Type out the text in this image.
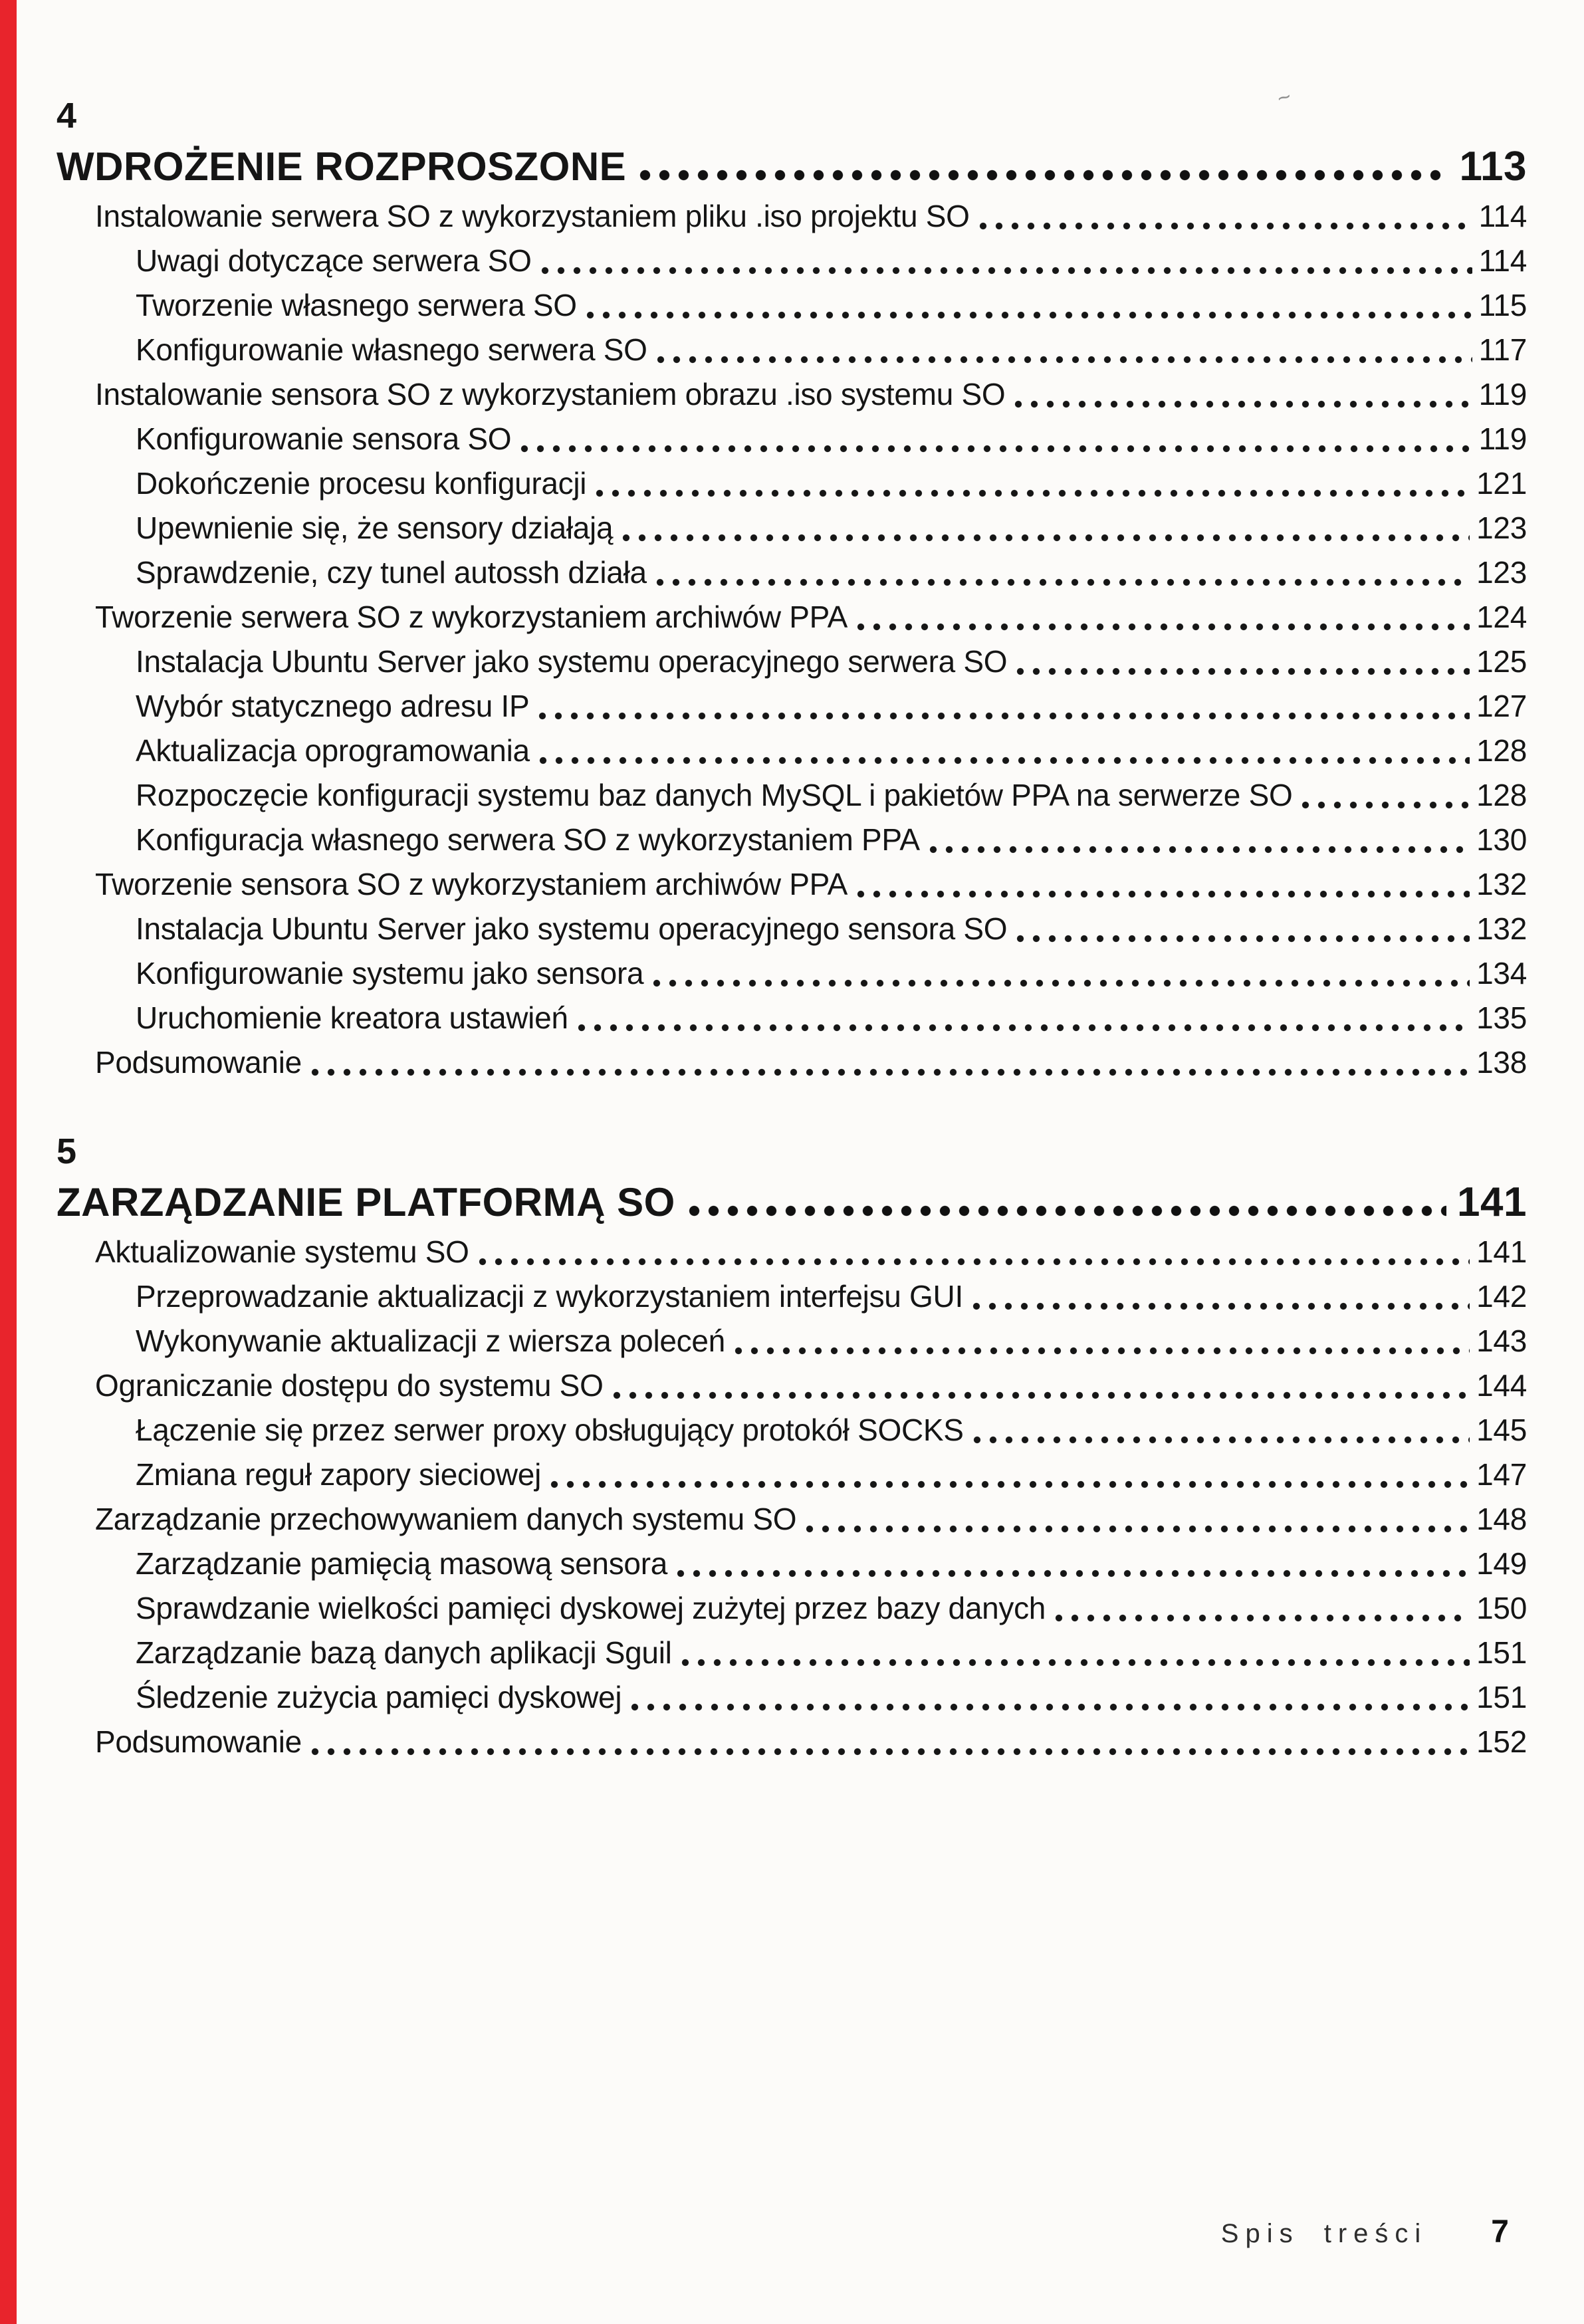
~
4
WDROŻENIE ROZPROSZONE	113
Instalowanie serwera SO z wykorzystaniem pliku .iso projektu SO	114
Uwagi dotyczące serwera SO	114
Tworzenie własnego serwera SO	115
Konfigurowanie własnego serwera SO	117
Instalowanie sensora SO z wykorzystaniem obrazu .iso systemu SO	119
Konfigurowanie sensora SO	119
Dokończenie procesu konfiguracji	121
Upewnienie się, że sensory działają	123
Sprawdzenie, czy tunel autossh działa	123
Tworzenie serwera SO z wykorzystaniem archiwów PPA	124
Instalacja Ubuntu Server jako systemu operacyjnego serwera SO	125
Wybór statycznego adresu IP	127
Aktualizacja oprogramowania	128
Rozpoczęcie konfiguracji systemu baz danych MySQL i pakietów PPA na serwerze SO	128
Konfiguracja własnego serwera SO z wykorzystaniem PPA	130
Tworzenie sensora SO z wykorzystaniem archiwów PPA	132
Instalacja Ubuntu Server jako systemu operacyjnego sensora SO	132
Konfigurowanie systemu jako sensora	134
Uruchomienie kreatora ustawień	135
Podsumowanie	138
5
ZARZĄDZANIE PLATFORMĄ SO	141
Aktualizowanie systemu SO	141
Przeprowadzanie aktualizacji z wykorzystaniem interfejsu GUI	142
Wykonywanie aktualizacji z wiersza poleceń	143
Ograniczanie dostępu do systemu SO	144
Łączenie się przez serwer proxy obsługujący protokół SOCKS	145
Zmiana reguł zapory sieciowej	147
Zarządzanie przechowywaniem danych systemu SO	148
Zarządzanie pamięcią masową sensora	149
Sprawdzanie wielkości pamięci dyskowej zużytej przez bazy danych	150
Zarządzanie bazą danych aplikacji Sguil	151
Śledzenie zużycia pamięci dyskowej	151
Podsumowanie	152
Spis treści 7
